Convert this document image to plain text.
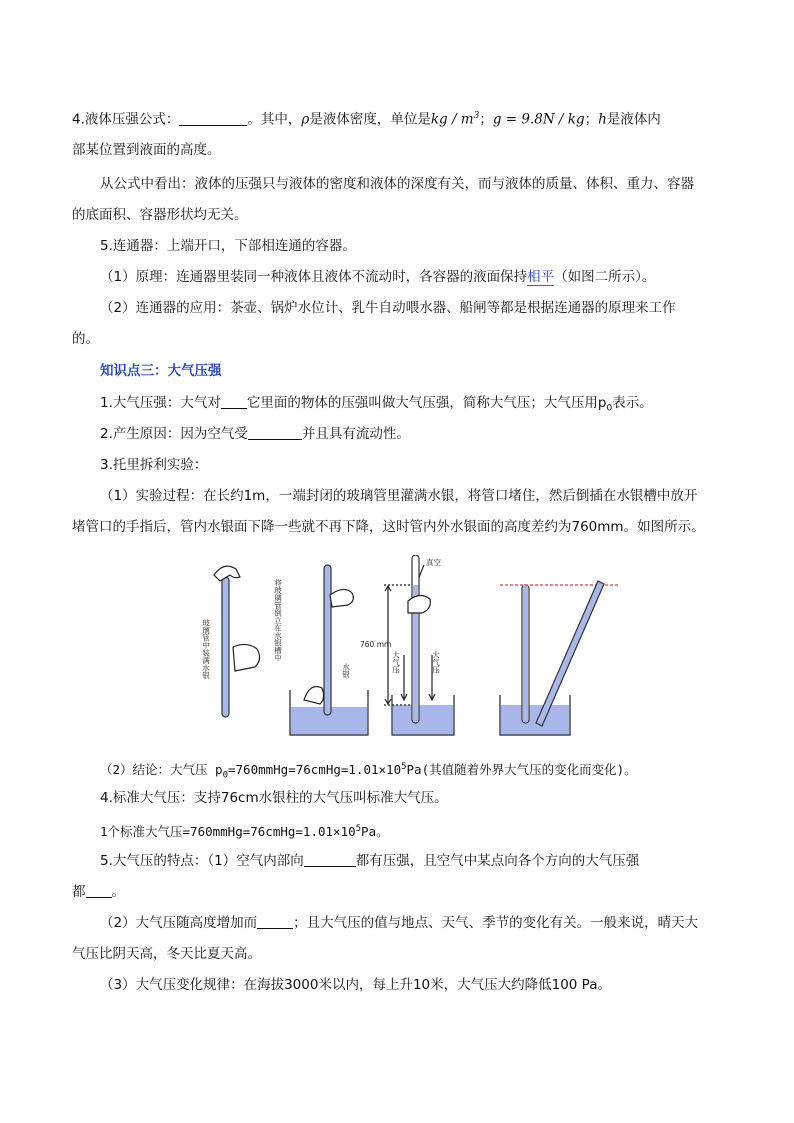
4.液体压强公式：	。其中，ρ是液体密度，单位是kg / $m^3$；g = 9.8N / kg；h是液体内
部某位置到液面的高度。
从公式中看出：液体的压强只与液体的密度和液体的深度有关，而与液体的质量、体积、重力、容器
的底面积、容器形状均无关。
5.连通器：上端开口，下部相连通的容器。
（1）原理：连通器里装同一种液体且液体不流动时，各容器的液面保持相平（如图二所示）。
（2）连通器的应用：茶壶、锅炉水位计、乳牛自动喂水器、船闸等都是根据连通器的原理来工作
的。
知识点三：大气压强
1.大气压强：大气对 它里面的物体的压强叫做大气压强，简称大气压；大气压用$p_0$表示。
2.产生原因：因为空气受	并且具有流动性。
3.托里拆利实验：
（1）实验过程：在长约1m，一端封闭的玻璃管里灌满水银，将管口堵住，然后倒插在水银槽中放开
堵管口的手指后，管内水银面下降一些就不再下降，这时管内外水银面的高度差约为760mm。如图所示。
玻璃管中装满水银	将玻璃管倒立在水银槽中
水银
真空
760 mm
大气压	大气压
（2）结论：大气压 $p_0=760mmHg=76cmHg=1.01\times 10^5Pa$(其值随着外界大气压的变化而变化)。
4.标准大气压：支持76cm水银柱的大气压叫标准大气压。
1个标准大气压$=760mmHg=76cmHg=1.01\times 10^5Pa$。
5.大气压的特点：（1）空气内部向	都有压强，且空气中某点向各个方向的大气压强
都 。
（2）大气压随高度增加而	；且大气压的值与地点、天气、季节的变化有关。一般来说，晴天大
气压比阴天高，冬天比夏天高。
（3）大气压变化规律：在海拔3000米以内，每上升10米，大气压大约降低100 Pa。
